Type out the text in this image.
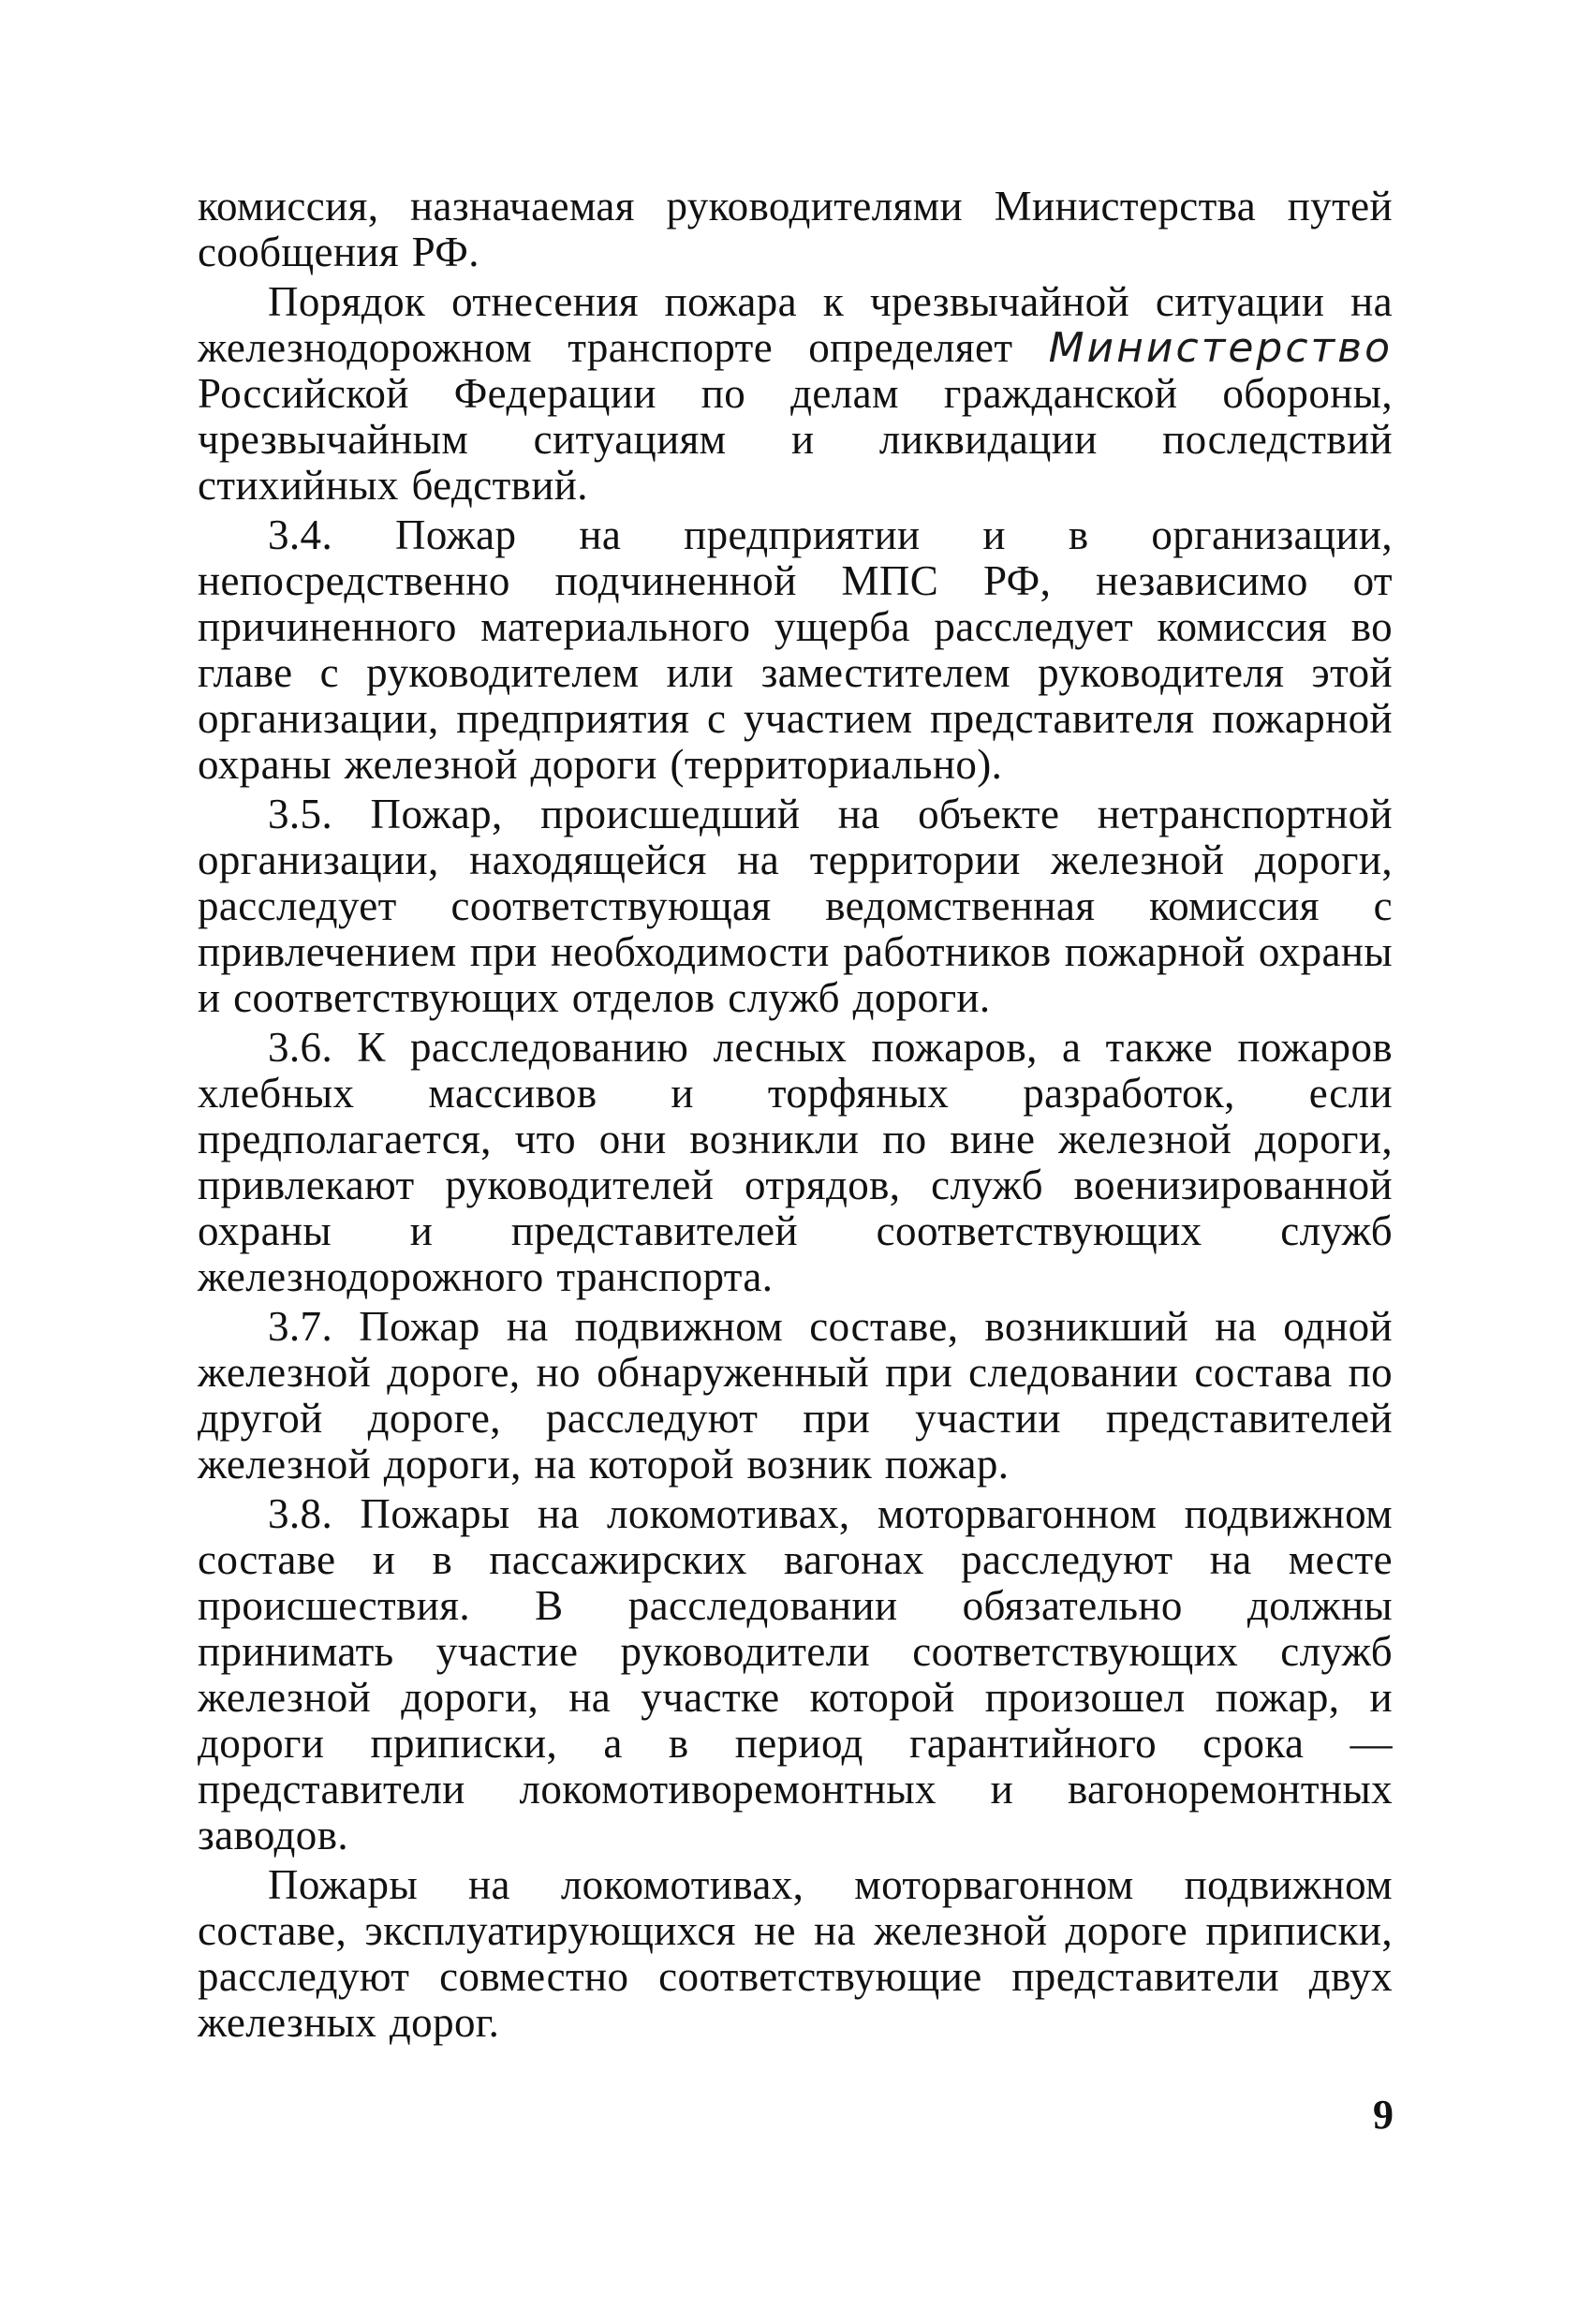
комиссия, назначаемая руководителями Министерства путей сообщения РФ.

Порядок отнесения пожара к чрезвычайной ситуации на железнодорожном транспорте определяет Министерство Российской Федерации по делам гражданской обороны, чрезвычайным ситуациям и ликвидации последствий стихийных бедствий.

3.4. Пожар на предприятии и в организации, непосредственно подчиненной МПС РФ, независимо от причиненного материального ущерба расследует комиссия во главе с руководителем или заместителем руководителя этой организации, предприятия с участием представителя пожарной охраны железной дороги (территориально).

3.5. Пожар, происшедший на объекте нетранспортной организации, находящейся на территории железной дороги, расследует соответствующая ведомственная комиссия с привлечением при необходимости работников пожарной охраны и соответствующих отделов служб дороги.

3.6. К расследованию лесных пожаров, а также пожаров хлебных массивов и торфяных разработок, если предполагается, что они возникли по вине железной дороги, привлекают руководителей отрядов, служб военизированной охраны и представителей соответствующих служб железнодорожного транспорта.

3.7. Пожар на подвижном составе, возникший на одной железной дороге, но обнаруженный при следовании состава по другой дороге, расследуют при участии представителей железной дороги, на которой возник пожар.

3.8. Пожары на локомотивах, моторвагонном подвижном составе и в пассажирских вагонах расследуют на месте происшествия. В расследовании обязательно должны принимать участие руководители соответствующих служб железной дороги, на участке которой произошел пожар, и дороги приписки, а в период гарантийного срока — представители локомотиворемонтных и вагоноремонтных заводов.

Пожары на локомотивах, моторвагонном подвижном составе, эксплуатирующихся не на железной дороге приписки, расследуют совместно соответствующие представители двух железных дорог.

9
